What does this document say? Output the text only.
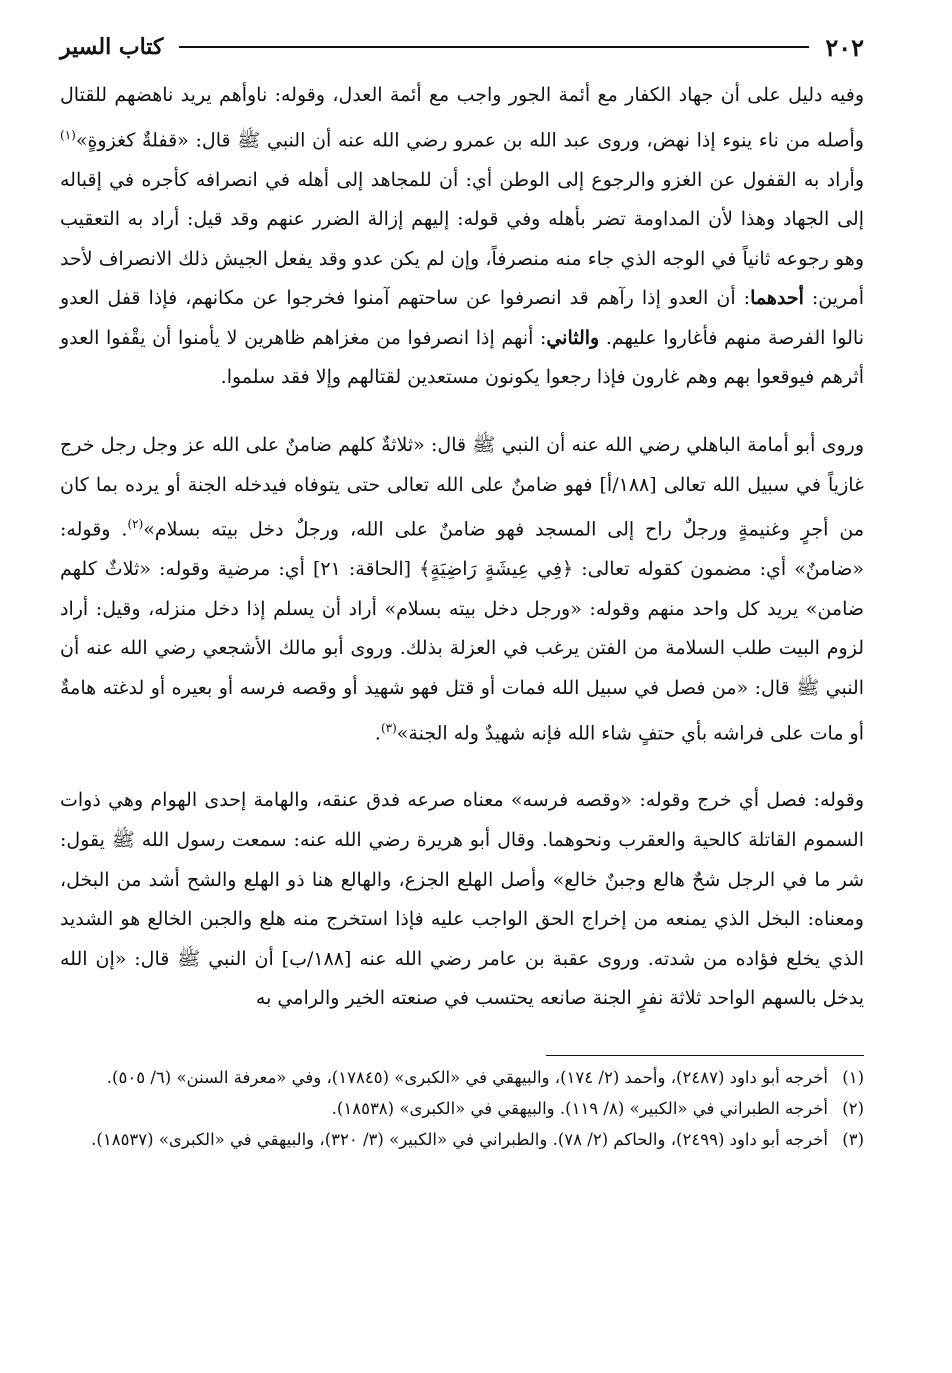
٢٠٢
كتاب السير

وفيه دليل على أن جهاد الكفار مع أئمة الجور واجب مع أئمة العدل، وقوله: ناوأهم يريد ناهضهم للقتال وأصله من ناء ينوء إذا نهض، وروى عبد الله بن عمرو رضي الله عنه أن النبي ﷺ قال: «قفلةٌ كغزوةٍ»$^{(١)}$ وأراد به القفول عن الغزو والرجوع إلى الوطن أي: أن للمجاهد إلى أهله في انصرافه كأجره في إقباله إلى الجهاد وهذا لأن المداومة تضر بأهله وفي قوله: إليهم إزالة الضرر عنهم وقد قيل: أراد به التعقيب وهو رجوعه ثانياً في الوجه الذي جاء منه منصرفاً، وإن لم يكن عدو وقد يفعل الجيش ذلك الانصراف لأحد أمرين: أحدهما: أن العدو إذا رآهم قد انصرفوا عن ساحتهم آمنوا فخرجوا عن مكانهم، فإذا قفل العدو نالوا الفرصة منهم فأغاروا عليهم. والثاني: أنهم إذا انصرفوا من مغزاهم ظاهرين لا يأمنوا أن يقْفوا العدو أثرهم فيوقعوا بهم وهم غارون فإذا رجعوا يكونون مستعدين لقتالهم وإلا فقد سلموا.

وروى أبو أمامة الباهلي رضي الله عنه أن النبي ﷺ قال: «ثلاثةٌ كلهم ضامنٌ على الله عز وجل رجل خرج غازياً في سبيل الله تعالى [١٨٨/أ] فهو ضامنٌ على الله تعالى حتى يتوفاه فيدخله الجنة أو يرده بما كان من أجرٍ وغنيمةٍ ورجلٌ راح إلى المسجد فهو ضامنٌ على الله، ورجلٌ دخل بيته بسلام»$^{(٢)}$. وقوله: «ضامنٌ» أي: مضمون كقوله تعالى: ﴿فِي عِيشَةٍ رَاضِيَةٍ﴾ [الحاقة: ٢١] أي: مرضية وقوله: «ثلاثٌ كلهم ضامن» يريد كل واحد منهم وقوله: «ورجل دخل بيته بسلام» أراد أن يسلم إذا دخل منزله، وقيل: أراد لزوم البيت طلب السلامة من الفتن يرغب في العزلة بذلك. وروى أبو مالك الأشجعي رضي الله عنه أن النبي ﷺ قال: «من فصل في سبيل الله فمات أو قتل فهو شهيد أو وقصه فرسه أو بعيره أو لدغته هامةٌ أو مات على فراشه بأي حتفٍ شاء الله فإنه شهيدٌ وله الجنة»$^{(٣)}$.

وقوله: فصل أي خرج وقوله: «وقصه فرسه» معناه صرعه فدق عنقه، والهامة إحدى الهوام وهي ذوات السموم القاتلة كالحية والعقرب ونحوهما. وقال أبو هريرة رضي الله عنه: سمعت رسول الله ﷺ يقول: شر ما في الرجل شحٌ هالع وجبنٌ خالع» وأصل الهلع الجزع، والهالع هنا ذو الهلع والشح أشد من البخل، ومعناه: البخل الذي يمنعه من إخراج الحق الواجب عليه فإذا استخرج منه هلع والجبن الخالع هو الشديد الذي يخلع فؤاده من شدته. وروى عقبة بن عامر رضي الله عنه [١٨٨/ب] أن النبي ﷺ قال: «إن الله يدخل بالسهم الواحد ثلاثة نفرٍ الجنة صانعه يحتسب في صنعته الخير والرامي به

(١)
أخرجه أبو داود (٢٤٨٧)، وأحمد (٢/ ١٧٤)، والبيهقي في «الكبرى» (١٧٨٤٥)، وفي «معرفة السنن» (٦/ ٥٠٥).
(٢)
أخرجه الطبراني في «الكبير» (٨/ ١١٩). والبيهقي في «الكبرى» (١٨٥٣٨).
(٣)
أخرجه أبو داود (٢٤٩٩)، والحاكم (٢/ ٧٨). والطبراني في «الكبير» (٣/ ٣٢٠)، والبيهقي في «الكبرى» (١٨٥٣٧).
